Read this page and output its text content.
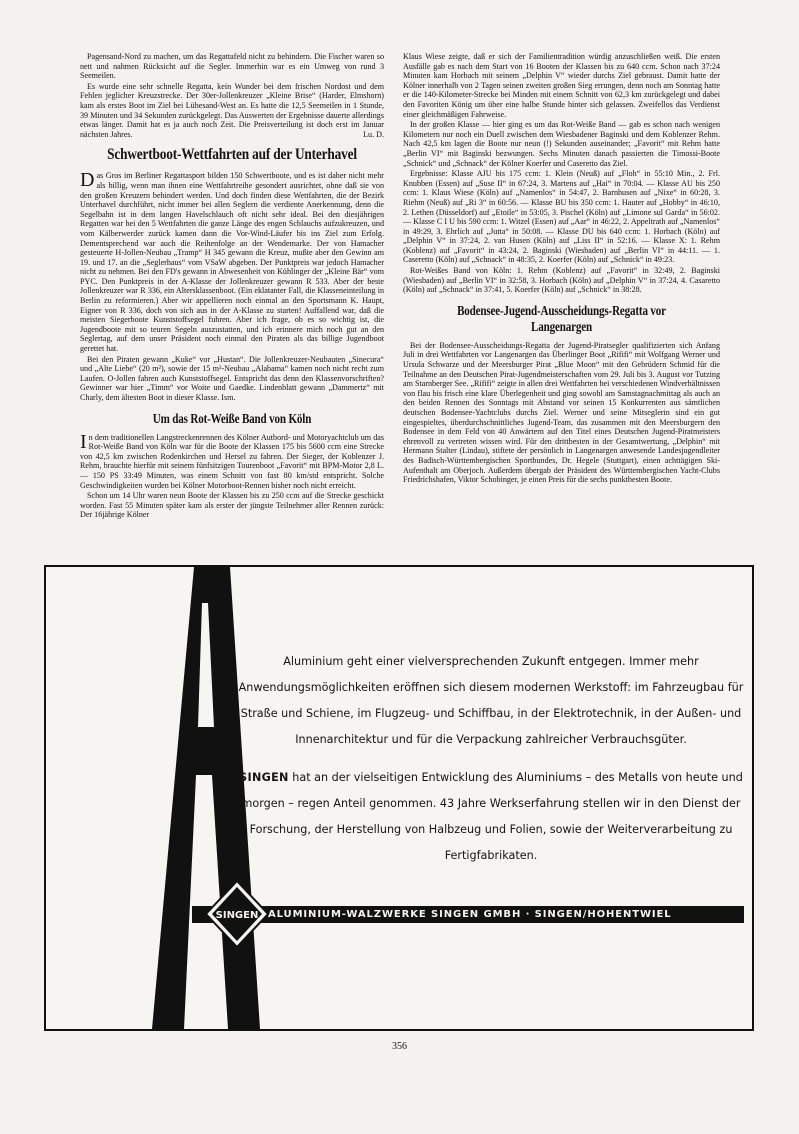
Pagensand-Nord zu machen, um das Regattafeld nicht zu behindern. Die Fischer waren so nett und nahmen Rücksicht auf die Segler. Immerhin war es ein Umweg von rund 3 Seemeilen.

Es wurde eine sehr schnelle Regatta, kein Wunder bei dem frischen Nordost und dem Fehlen jeglicher Kreuzstrecke. Der 30er-Jollenkreuzer „Kleine Brise“ (Harder, Elmshorn) kam als erstes Boot im Ziel bei Lühesand-West an. Es hatte die 12,5 Seemeilen in 1 Stunde, 39 Minuten und 34 Sekunden zurückgelegt. Das Auswerten der Ergebnisse dauerte allerdings etwas länger. Damit hat es ja auch noch Zeit. Die Preisverteilung ist doch erst im Januar nächsten Jahres.	Lu. D.

Schwertboot-Wettfahrten auf der Unterhavel

Das Gros im Berliner Regattasport bilden 150 Schwertboote, und es ist daher nicht mehr als billig, wenn man ihnen eine Wettfahrtreihe gesondert ausrichtet, ohne daß sie von den großen Kreuzern behindert werden. Und doch finden diese Wettfahrten, die der Bezirk Unterhavel durchführt, nicht immer bei allen Seglern die verdiente Anerkennung, denn die Segelbahn ist in dem langen Havelschlauch oft nicht sehr ideal. Bei den diesjährigen Regatten war bei den 5 Wettfahrten die ganze Länge des engen Schlauchs aufzukreuzen, und vom Kälberwerder zurück kamen dann die Vor-Wind-Läufer bis ins Ziel zum Erfolg. Dementsprechend war auch die Reihenfolge an der Wendemarke. Der von Hamacher gesteuerte H-Jollen-Neubau „Tramp“ H 345 gewann die Kreuz, mußte aber den Gewinn am 19. und 17. an die „Seglerhaus“ vom VSaW abgeben. Der Punktpreis war jedoch Hamacher nicht zu nehmen. Bei den FD's gewann in Abwesenheit von Kühlinger der „Kleine Bär“ vom PYC. Den Punktpreis in der A-Klasse der Jollenkreuzer gewann R 533. Aber der beste Jollenkreuzer war R 336, ein Altersklassenboot. (Ein eklatanter Fall, die Klasseneinteilung in Berlin zu reformieren.) Aber wir appellieren noch einmal an den Sportsmann K. Haupt, Eigner von R 336, doch von sich aus in der A-Klasse zu starten! Auffallend war, daß die meisten Siegerboote Kunststoffsegel fuhren. Aber ich frage, ob es so wichtig ist, die Jugendboote mit so teuren Segeln auszustatten, und ich erinnere mich noch gut an den Seglertag, auf dem unser Präsident noch einmal den Piraten als das billige Jugendboot gerettet hat.

Bei den Piraten gewann „Kuke“ vor „Hustan“. Die Jollenkreuzer-Neubauten „Sinecura“ und „Alte Liebe“ (20 m²), sowie der 15 m²-Neubau „Alabama“ kamen noch nicht recht zum Laufen. O-Jollen fahren auch Kunststoffsegel. Entspricht das denn den Klassenvorschriften? Gewinner war hier „Timm“ vor Woite und Gaedke. Lindenblatt gewann „Dammertz“ mit Charly, dem ältesten Boot in dieser Klasse. Ism.

Um das Rot-Weiße Band von Köln

In dem traditionellen Langstreckenrennen des Kölner Autbord- und Motoryachtclub um das Rot-Weiße Band von Köln war für die Boote der Klassen 175 bis 5600 ccm eine Strecke von 42,5 km zwischen Rodenkirchen und Hersel zu fahren. Der Sieger, der Koblenzer J. Rehm, brauchte hierfür mit seinem fünfsitzigen Tourenboot „Favorit“ mit BPM-Motor 2,8 L. — 150 PS 33:49 Minuten, was einem Schnitt von fast 80 km/std entspricht. Solche Geschwindigkeiten wurden bei Kölner Motorboot-Rennen bisher noch nicht erreicht.

Schon um 14 Uhr waren neun Boote der Klassen bis zu 250 ccm auf die Strecke geschickt worden. Fast 55 Minuten später kam als erster der jüngste Teilnehmer aller Rennen zurück: Der 16jährige Kölner

Klaus Wiese zeigte, daß er sich der Familientradition würdig anzuschließen weiß. Die ersten Ausfälle gab es nach dem Start von 16 Booten der Klassen bis zu 640 ccm. Schon nach 37:24 Minuten kam Horbach mit seinem „Delphin V“ wieder durchs Ziel gebraust. Damit hatte der Kölner innerhalb von 2 Tagen seinen zweiten großen Sieg errungen, denn noch am Sonntag hatte er die 140-Kilometer-Strecke bei Minden mit einem Schnitt von 62,3 km zurückgelegt und dabei den Favoriten König um über eine halbe Stunde hinter sich gelassen. Zweifellos das Verdienst einer gleichmäßigen Fahrweise.

In der großen Klasse — hier ging es um das Rot-Weiße Band — gab es schon nach wenigen Kilometern nur noch ein Duell zwischen dem Wiesbadener Baginski und dem Koblenzer Rehm. Nach 42,5 km lagen die Boote nur neun (!) Sekunden auseinander; „Favorit“ mit Rehm hatte „Berlin VI“ mit Baginski bezwungen. Sechs Minuten danach passierten die Timossi-Boote „Schnick“ und „Schnack“ der Kölner Koerfer und Caseretto das Ziel.

Ergebnisse: Klasse AJU bis 175 ccm: 1. Klein (Neuß) auf „Floh“ in 55:10 Min., 2. Frl. Knubben (Essen) auf „Suse II“ in 67:24, 3. Martens auf „Hai“ in 70:04. — Klasse AU bis 250 ccm: 1. Klaus Wiese (Köln) auf „Namenlos“ in 54:47, 2. Barnhusen auf „Nixe“ in 60:28, 3. Riehm (Neuß) auf „Ri 3“ in 60:56. — Klasse BU bis 350 ccm: 1. Hauter auf „Hobby“ in 46:10, 2. Lethen (Düsseldorf) auf „Etoile“ in 53:05, 3. Pischel (Köln) auf „Limone sul Garda“ in 56:02. — Klasse C I U bis 590 ccm: 1. Witzel (Essen) auf „Aar“ in 46:22, 2. Appeltrath auf „Namenlos“ in 49:29, 3. Ehrlich auf „Jutta“ in 50:08. — Klasse DU bis 640 ccm: 1. Horbach (Köln) auf „Delphin V“ in 37:24, 2. van Husen (Köln) auf „Liss II“ in 52:16. — Klasse X: 1. Rehm (Koblenz) auf „Favorit“ in 43:24, 2. Baginski (Wiesbaden) auf „Berlin VI“ in 44:11. — 1. Caseretto (Köln) auf „Schnack“ in 48:35, 2. Koerfer (Köln) auf „Schnick“ in 49:23.

Rot-Weißes Band von Köln: 1. Rehm (Koblenz) auf „Favorit“ in 32:49, 2. Baginski (Wiesbaden) auf „Berlin VI“ in 32:58, 3. Horbach (Köln) auf „Delphin V“ in 37:24, 4. Casaretto (Köln) auf „Schnack“ in 37:41, 5. Koerfer (Köln) auf „Schnick“ in 38:28.

Bodensee-Jugend-Ausscheidungs-Regatta vor Langenargen

Bei der Bodensee-Ausscheidungs-Regatta der Jugend-Piratsegler qualifizierten sich Anfang Juli in drei Wettfahrten vor Langenargen das Überlinger Boot „Rififi“ mit Wolfgang Werner und Ursula Schwarze und der Meersburger Pirat „Blue Moon“ mit den Gebrüdern Schmid für die Teilnahme an den Deutschen Pirat-Jugendmeisterschaften vom 29. Juli bis 3. August vor Tutzing am Starnberger See. „Rififi“ zeigte in allen drei Wettfahrten bei verschiedenen Windverhältnissen von flau bis frisch eine klare Überlegenheit und ging sowohl am Samstagnachmittag als auch an den beiden Rennen des Sonntags mit Abstand vor seinen 15 Konkurrenten aus sämtlichen deutschen Bodensee-Yachtclubs durchs Ziel. Werner und seine Mitseglerin sind ein gut eingespieltes, überdurchschnittliches Jugend-Team, das zusammen mit den Meersburgern den Bodensee in dem Feld von 40 Anwärtern auf den Titel eines Deutschen Jugend-Piratmeisters ehrenvoll zu vertreten wissen wird. Für den drittbesten in der Gesamtwertung, „Delphin“ mit Hermann Stalter (Lindau), stiftete der persönlich in Langenargen anwesende Landesjugendleiter des Badisch-Württembergischen Sportbundes, Dr. Hegele (Stuttgart), einen achttägigen Ski-Aufenthalt am Oberjoch. Außerdem übergab der Präsident des Württembergischen Yacht-Clubs Friedrichshafen, Viktor Schobinger, je einen Preis für die sechs punktbesten Boote.

Aluminium geht einer vielversprechenden Zukunft entgegen. Immer mehr Anwendungsmöglichkeiten eröffnen sich diesem modernen Werkstoff: im Fahrzeugbau für Straße und Schiene, im Flugzeug- und Schiffbau, in der Elektrotechnik, in der Außen- und Innenarchitektur und für die Verpackung zahlreicher Verbrauchsgüter.

SINGEN hat an der vielseitigen Entwicklung des Aluminiums – des Metalls von heute und morgen – regen Anteil genommen. 43 Jahre Werkserfahrung stellen wir in den Dienst der Forschung, der Herstellung von Halbzeug und Folien, sowie der Weiterverarbeitung zu Fertigfabrikaten.

ALUMINIUM-WALZWERKE SINGEN GMBH · SINGEN/HOHENTWIEL
SINGEN
356
